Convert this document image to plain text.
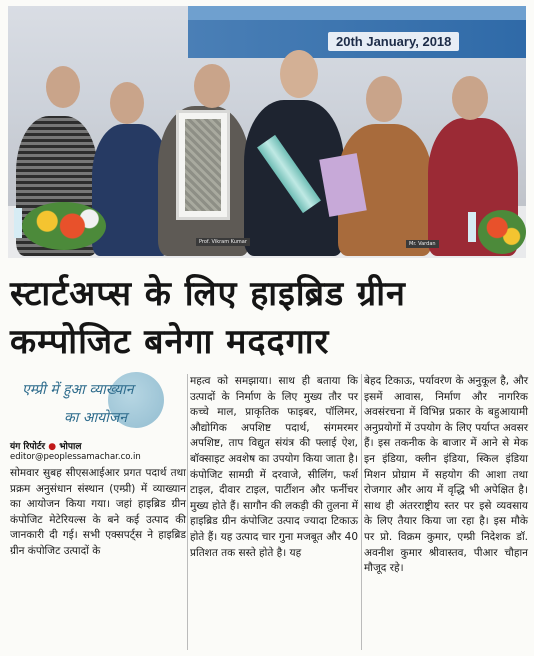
20th January, 2018
Prof. Vikram Kumar	Mr. Vardan
स्टार्टअप्स के लिए हाइब्रिड ग्रीन
कम्पोजिट बनेगा मददगार
एम्प्री में हुआ व्याख्यान
का आयोजन
यंग रिपोर्टर ● भोपाल
editor@peoplessamachar.co.in
सोमवार सुबह सीएसआईआर प्रगत पदार्थ तथा प्रक्रम अनुसंधान संस्थान (एम्प्री) में व्याख्यान का आयोजन किया गया। जहां हाइब्रिड ग्रीन कंपोजिट मेटेरियल्स के बने कई उत्पाद की जानकारी दी गई। सभी एक्सपर्ट्स ने हाइब्रिड ग्रीन कंपोजिट उत्पादों के
महत्व को समझाया। साथ ही बताया कि उत्पादों के निर्माण के लिए मुख्य तौर पर कच्चे माल, प्राकृतिक फाइबर, पॉलिमर, औद्योगिक अपशिष्ट पदार्थ, संगमरमर अपशिष्ट, ताप विद्युत संयंत्र की फ्लाई ऐश, बॉक्साइट अवशेष का उपयोग किया जाता है। कंपोजिट सामग्री में दरवाजे, सीलिंग, फर्श टाइल, दीवार टाइल, पार्टीशन और फर्नीचर मुख्य होते हैं। सागौन की लकड़ी की तुलना में हाइब्रिड ग्रीन कंपोजिट उत्पाद ज्यादा टिकाऊ होते हैं। यह उत्पाद चार गुना मजबूत और 40 प्रतिशत तक सस्ते होते है। यह
बेहद टिकाऊ, पर्यावरण के अनुकूल है, और इसमें आवास, निर्माण और नागरिक अवसंरचना में विभिन्न प्रकार के बहुआयामी अनुप्रयोगों में उपयोग के लिए पर्याप्त अवसर हैं। इस तकनीक के बाजार में आने से मेक इन इंडिया, क्लीन इंडिया, स्किल इंडिया मिशन प्रोग्राम में सहयोग की आशा तथा रोजगार और आय में वृद्धि भी अपेक्षित है। साथ ही अंतरराष्ट्रीय स्तर पर इसे व्यवसाय के लिए तैयार किया जा रहा है। इस मौके पर प्रो. विक्रम कुमार, एम्प्री निदेशक डॉ. अवनीश कुमार श्रीवास्तव, पीआर चौहान मौजूद रहे।
